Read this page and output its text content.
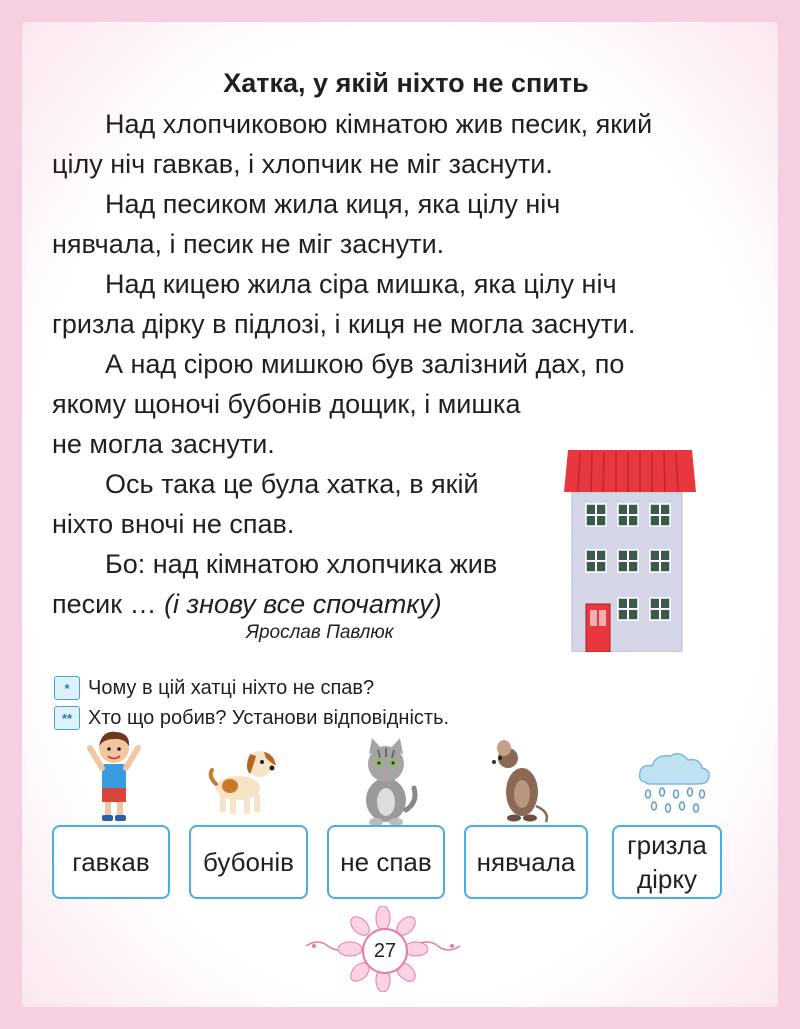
Хатка, у якій ніхто не спить
Над хлопчиковою кімнатою жив песик, який
цілу ніч гавкав, і хлопчик не міг заснути.
Над песиком жила киця, яка цілу ніч
нявчала, і песик не міг заснути.
Над кицею жила сіра мишка, яка цілу ніч
гризла дірку в підлозі, і киця не могла заснути.
А над сірою мишкою був залізний дах, по
якому щоночі бубонів дощик, і мишка
не могла заснути.
Ось така це була хатка, в якій
ніхто вночі не спав.
Бо: над кімнатою хлопчика жив
песик … (і знову все спочатку)
Ярослав Павлюк
* Чому в цій хатці ніхто не спав?
** Хто що робив? Установи відповідність.
гавкав бубонів не спав нявчала
гризла
дірку
27
